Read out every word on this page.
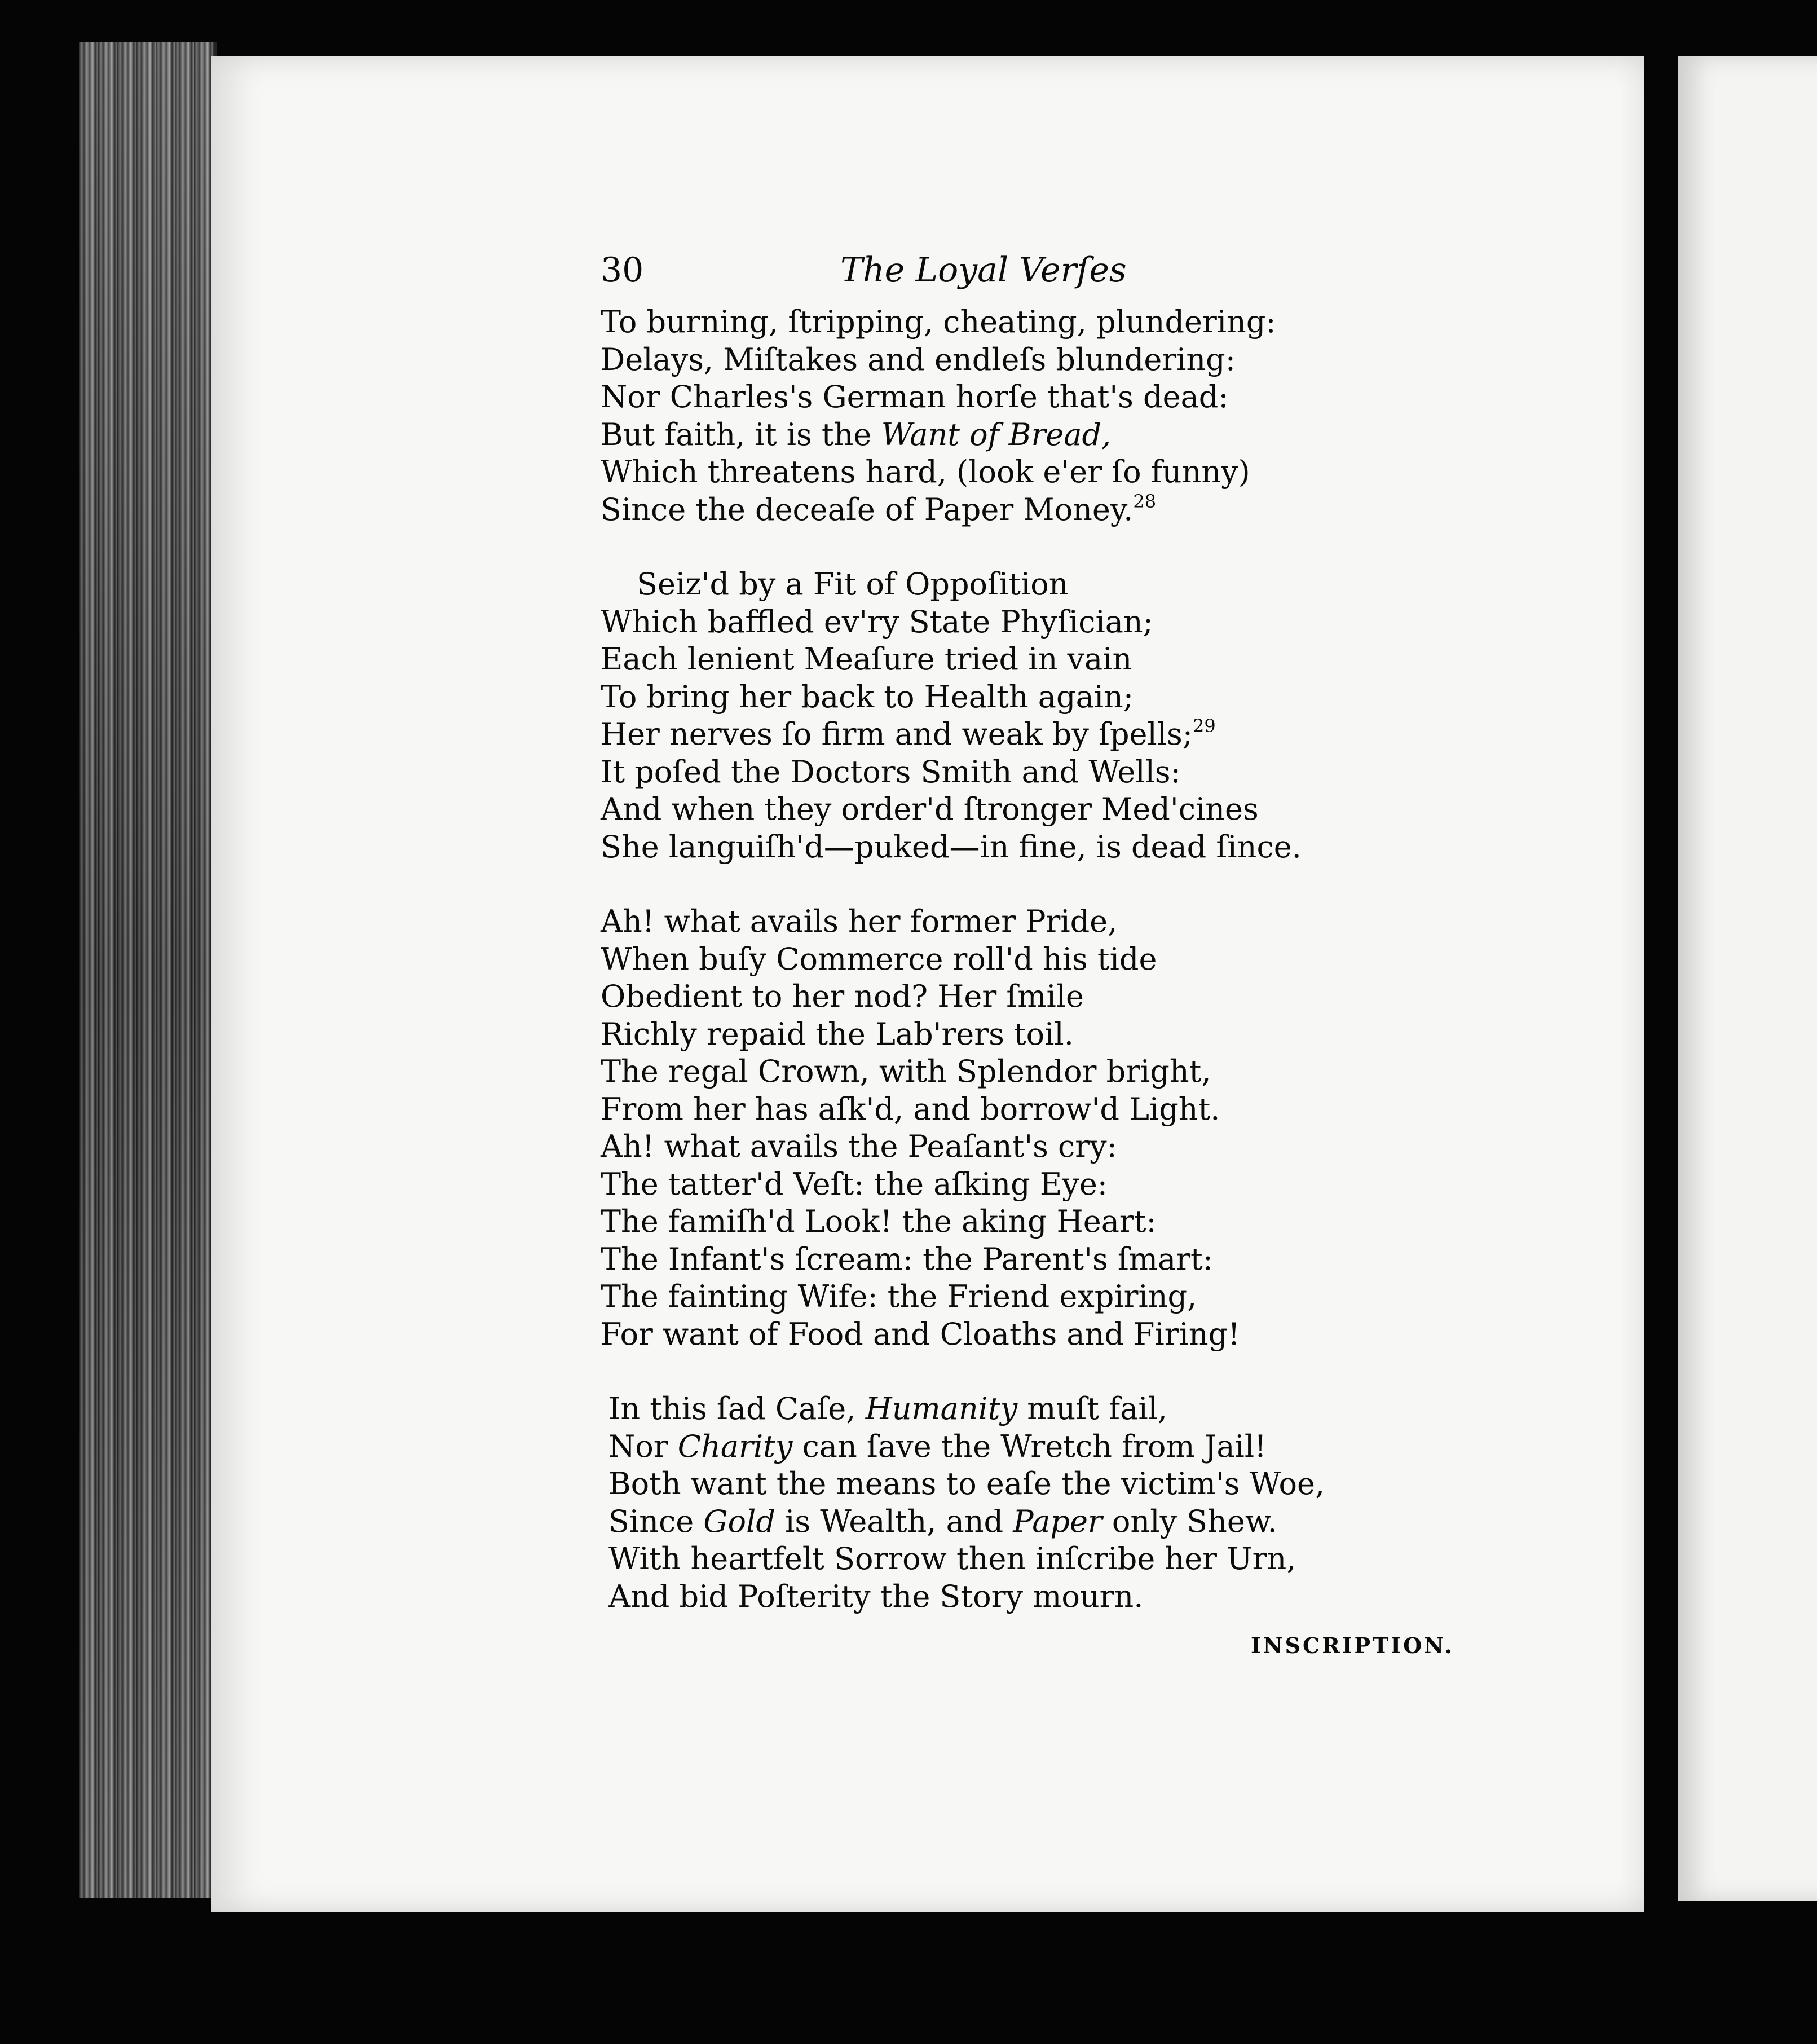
30	The Loyal Verſes
To burning, ſtripping, cheating, plundering:
Delays, Miſtakes and endleſs blundering:
Nor Charles's German horſe that's dead:
But faith, it is the Want of Bread,
Which threatens hard, (look e'er ſo funny)
Since the deceaſe of Paper Money.$^{28}$
Seiz'd by a Fit of Oppoſition
Which baffled ev'ry State Phyſician;
Each lenient Meaſure tried in vain
To bring her back to Health again;
Her nerves ſo firm and weak by ſpells;$^{29}$
It poſed the Doctors Smith and Wells:
And when they order'd ſtronger Med'cines
She languiſh'd—puked—in fine, is dead ſince.
Ah! what avails her former Pride,
When buſy Commerce roll'd his tide
Obedient to her nod? Her ſmile
Richly repaid the Lab'rers toil.
The regal Crown, with Splendor bright,
From her has aſk'd, and borrow'd Light.
Ah! what avails the Peaſant's cry:
The tatter'd Veſt: the aſking Eye:
The famiſh'd Look! the aking Heart:
The Infant's ſcream: the Parent's ſmart:
The fainting Wife: the Friend expiring,
For want of Food and Cloaths and Firing!
In this ſad Caſe, Humanity muſt fail,
Nor Charity can ſave the Wretch from Jail!
Both want the means to eaſe the victim's Woe,
Since Gold is Wealth, and Paper only Shew.
With heartfelt Sorrow then inſcribe her Urn,
And bid Poſterity the Story mourn.
INSCRIPTION.
